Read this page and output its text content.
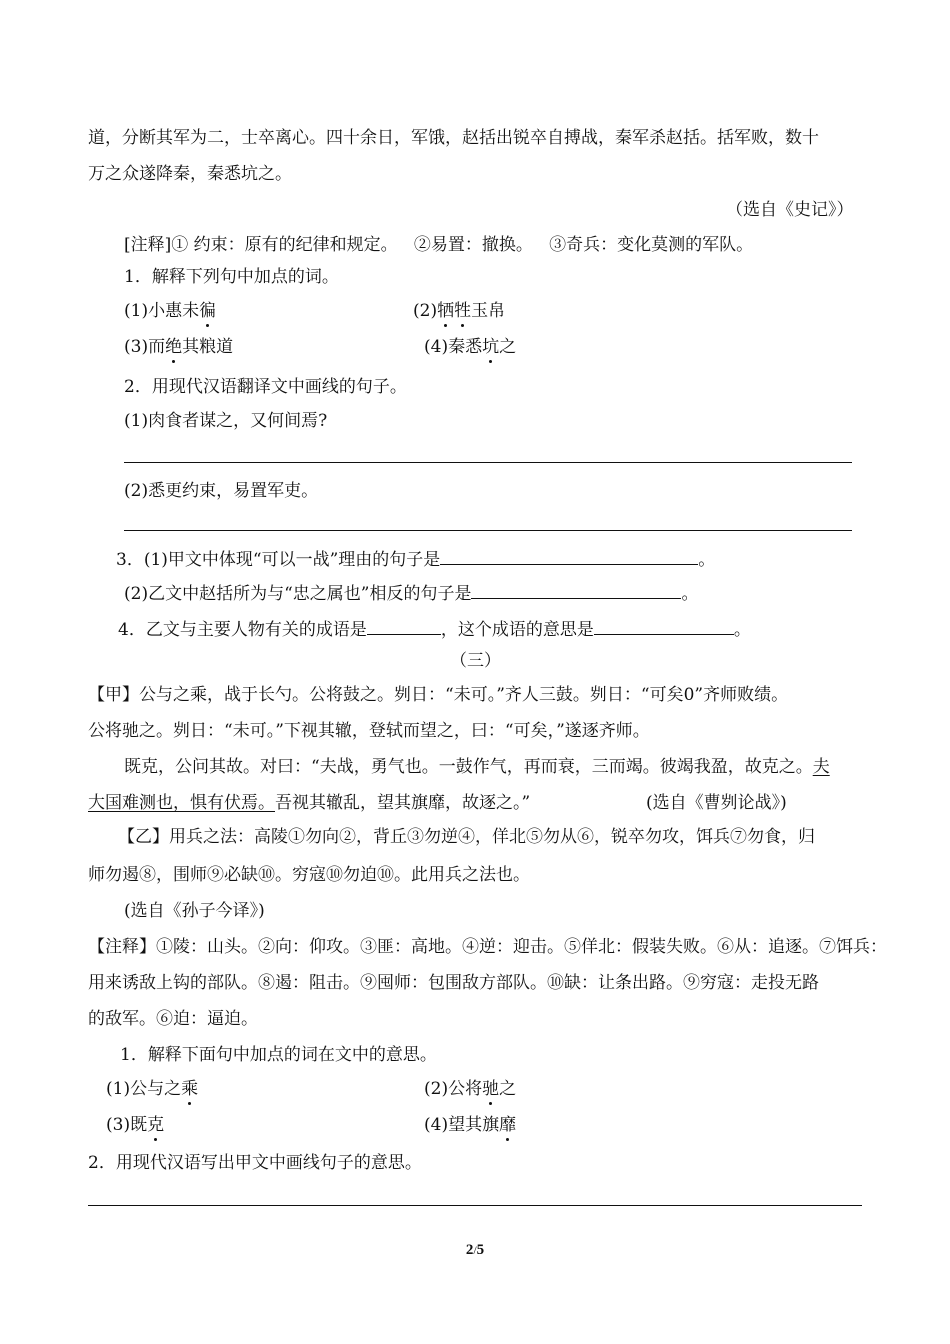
道，分断其军为二，士卒离心。四十余日，军饿，赵括出锐卒自搏战，秦军杀赵括。括军败，数十
万之众遂降秦，秦悉坑之。
（选自《史记》）
[注释]① 约束：原有的纪律和规定。   ②易置：撤换。   ③奇兵：变化莫测的军队。
1．解释下列句中加点的词。
(1)小惠未徧	(2)牺牲玉帛
(3)而绝其粮道	(4)秦悉坑之
2．用现代汉语翻译文中画线的句子。
(1)肉食者谋之，又何间焉?
(2)悉更约束，易置军吏。
3．(1)甲文中体现“可以一战”理由的句子是	。
(2)乙文中赵括所为与“忠之属也”相反的句子是	。
4．乙文与主要人物有关的成语是	，这个成语的意思是	。
（三）
【甲】公与之乘，战于长勺。公将鼓之。刿日：“未可。”齐人三鼓。刿日：“可矣0”齐师败绩。
公将驰之。刿日：“未可。”下视其辙，登轼而望之，曰：“可矣，”遂逐齐师。
既克，公问其故。对曰：“夫战，勇气也。一鼓作气，再而衰，三而竭。彼竭我盈，故克之。夫
大国难测也，惧有伏焉。吾视其辙乱，望其旗靡，故逐之。”	(选自《曹刿论战》)
【乙】用兵之法：高陵①勿向②，背丘③勿逆④，佯北⑤勿从⑥，锐卒勿攻，饵兵⑦勿食，归
师勿遏⑧，围师⑨必缺⑩。穷寇⑩勿迫⑩。此用兵之法也。
(选自《孙子今译》)
【注释】①陵：山头。②向：仰攻。③匪：高地。④逆：迎击。⑤佯北：假装失败。⑥从：追逐。⑦饵兵：
用来诱敌上钩的部队。⑧遏：阻击。⑨囤师：包围敌方部队。⑩缺：让条出路。⑨穷寇：走投无路
的敌军。⑥迫：逼迫。
1．解释下面句中加点的词在文中的意思。
(1)公与之乘	(2)公将驰之
(3)既克	(4)望其旗靡
2．用现代汉语写出甲文中画线句子的意思。
2/5
